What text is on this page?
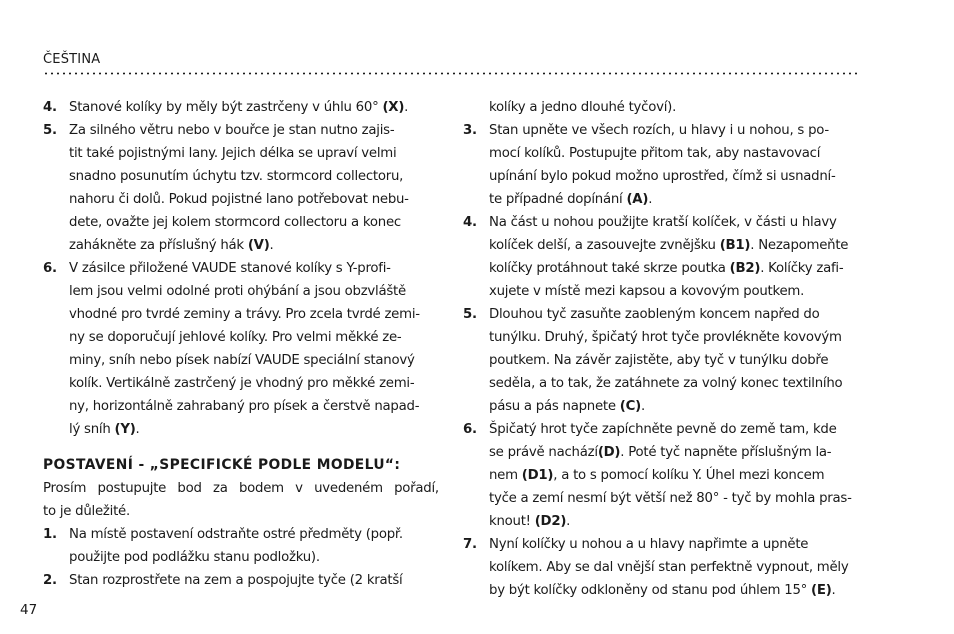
ČEŠTINA
4. Stanové kolíky by měly být zastrčeny v úhlu 60° (X).
5. Za silného větru nebo v bouřce je stan nutno zajis-
tit také pojistnými lany. Jejich délka se upraví velmi
snadno posunutím úchytu tzv. stormcord collectoru,
nahoru či dolů. Pokud pojistné lano potřebovat nebu-
dete, ovažte jej kolem stormcord collectoru a konec
zahákněte za příslušný hák (V).
6. V zásilce přiložené VAUDE stanové kolíky s Y-profi-
lem jsou velmi odolné proti ohýbání a jsou obzvláště
vhodné pro tvrdé zeminy a trávy. Pro zcela tvrdé zemi-
ny se doporučují jehlové kolíky. Pro velmi měkké ze-
miny, sníh nebo písek nabízí VAUDE speciální stanový
kolík. Vertikálně zastrčený je vhodný pro měkké zemi-
ny, horizontálně zahrabaný pro písek a čerstvě napad-
lý sníh (Y).
POSTAVENÍ - „SPECIFICKÉ PODLE MODELU“:
Prosím postupujte bod za bodem v uvedeném pořadí,
to je důležité.
1. Na místě postavení odstraňte ostré předměty (popř.
použijte pod podlážku stanu podložku).
2. Stan rozprostřete na zem a pospojujte tyče (2 kratší
kolíky a jedno dlouhé tyčoví).
3. Stan upněte ve všech rozích, u hlavy i u nohou, s po-
mocí kolíků. Postupujte přitom tak, aby nastavovací
upínání bylo pokud možno uprostřed, čímž si usnadní-
te případné dopínání (A).
4. Na část u nohou použijte kratší kolíček, v části u hlavy
kolíček delší, a zasouvejte zvnějšku (B1). Nezapomeňte
kolíčky protáhnout také skrze poutka (B2). Kolíčky zafi-
xujete v místě mezi kapsou a kovovým poutkem.
5. Dlouhou tyč zasuňte zaobleným koncem napřed do
tunýlku. Druhý, špičatý hrot tyče provlékněte kovovým
poutkem. Na závěr zajistěte, aby tyč v tunýlku dobře
seděla, a to tak, že zatáhnete za volný konec textilního
pásu a pás napnete (C).
6. Špičatý hrot tyče zapíchněte pevně do země tam, kde
se právě nachází(D). Poté tyč napněte příslušným la-
nem (D1), a to s pomocí kolíku Y. Úhel mezi koncem
tyče a zemí nesmí být větší než 80° - tyč by mohla pras-
knout! (D2).
7. Nyní kolíčky u nohou a u hlavy napřimte a upněte
kolíkem. Aby se dal vnější stan perfektně vypnout, měly
by být kolíčky odkloněny od stanu pod úhlem 15° (E).
47
